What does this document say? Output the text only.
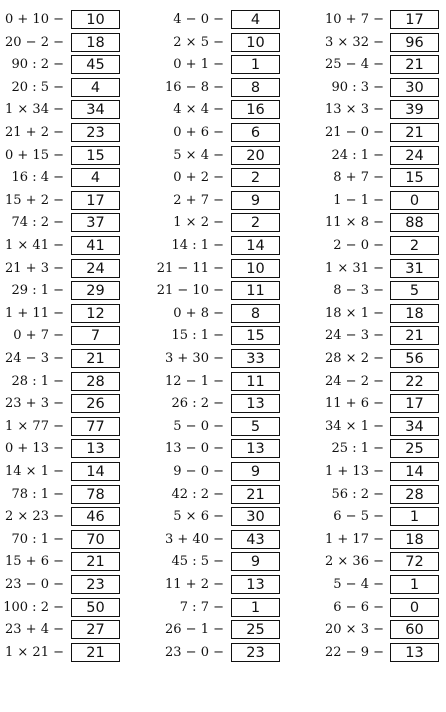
0 + 10 −	10
20 − 2 −	18
90 : 2 −	45
20 : 5 −	4
1 × 34 −	34
21 + 2 −	23
0 + 15 −	15
16 : 4 −	4
15 + 2 −	17
74 : 2 −	37
1 × 41 −	41
21 + 3 −	24
29 : 1 −	29
1 + 11 −	12
0 + 7 −	7
24 − 3 −	21
28 : 1 −	28
23 + 3 −	26
1 × 77 −	77
0 + 13 −	13
14 × 1 −	14
78 : 1 −	78
2 × 23 −	46
70 : 1 −	70
15 + 6 −	21
23 − 0 −	23
100 : 2 −	50
23 + 4 −	27
1 × 21 −	21
4 − 0 −	4
2 × 5 −	10
0 + 1 −	1
16 − 8 −	8
4 × 4 −	16
0 + 6 −	6
5 × 4 −	20
0 + 2 −	2
2 + 7 −	9
1 × 2 −	2
14 : 1 −	14
21 − 11 −	10
21 − 10 −	11
0 + 8 −	8
15 : 1 −	15
3 + 30 −	33
12 − 1 −	11
26 : 2 −	13
5 − 0 −	5
13 − 0 −	13
9 − 0 −	9
42 : 2 −	21
5 × 6 −	30
3 + 40 −	43
45 : 5 −	9
11 + 2 −	13
7 : 7 −	1
26 − 1 −	25
23 − 0 −	23
10 + 7 −	17
3 × 32 −	96
25 − 4 −	21
90 : 3 −	30
13 × 3 −	39
21 − 0 −	21
24 : 1 −	24
8 + 7 −	15
1 − 1 −	0
11 × 8 −	88
2 − 0 −	2
1 × 31 −	31
8 − 3 −	5
18 × 1 −	18
24 − 3 −	21
28 × 2 −	56
24 − 2 −	22
11 + 6 −	17
34 × 1 −	34
25 : 1 −	25
1 + 13 −	14
56 : 2 −	28
6 − 5 −	1
1 + 17 −	18
2 × 36 −	72
5 − 4 −	1
6 − 6 −	0
20 × 3 −	60
22 − 9 −	13
